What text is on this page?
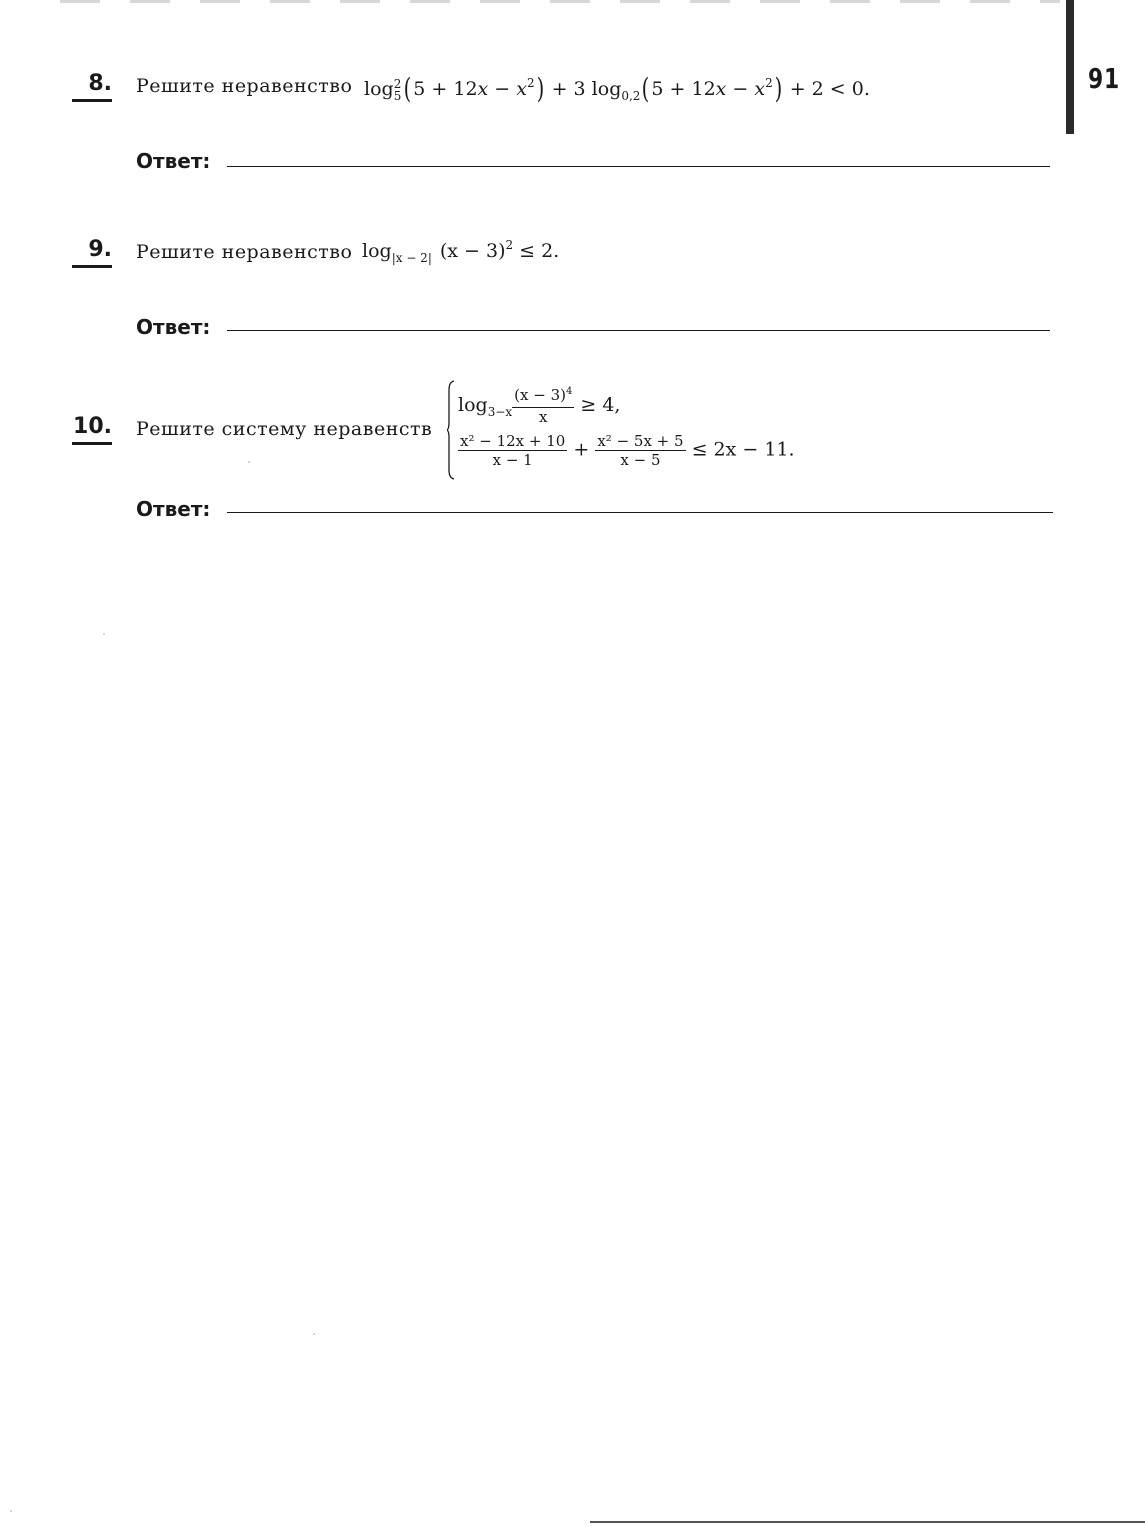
91
8. Решите неравенство log 2
5 $(5 + 12x - x^2) + 3$ $\log_{0,2}(5 + 12x - x^2) + 2 < 0$.
Ответ:
9. Решите неравенство $\log_{|x - 2|} (x - 3)^2 \le 2$.
Ответ:
10. Решите систему неравенств
$\log_{3-x} \frac{(x - 3)^4}{x} \ge 4$,
$\frac{\text{x² − 12x + 10}}{x - 1} + \frac{\text{x² − 5x + 5}}{x - 5} \le 2x - 11$.
Ответ:
